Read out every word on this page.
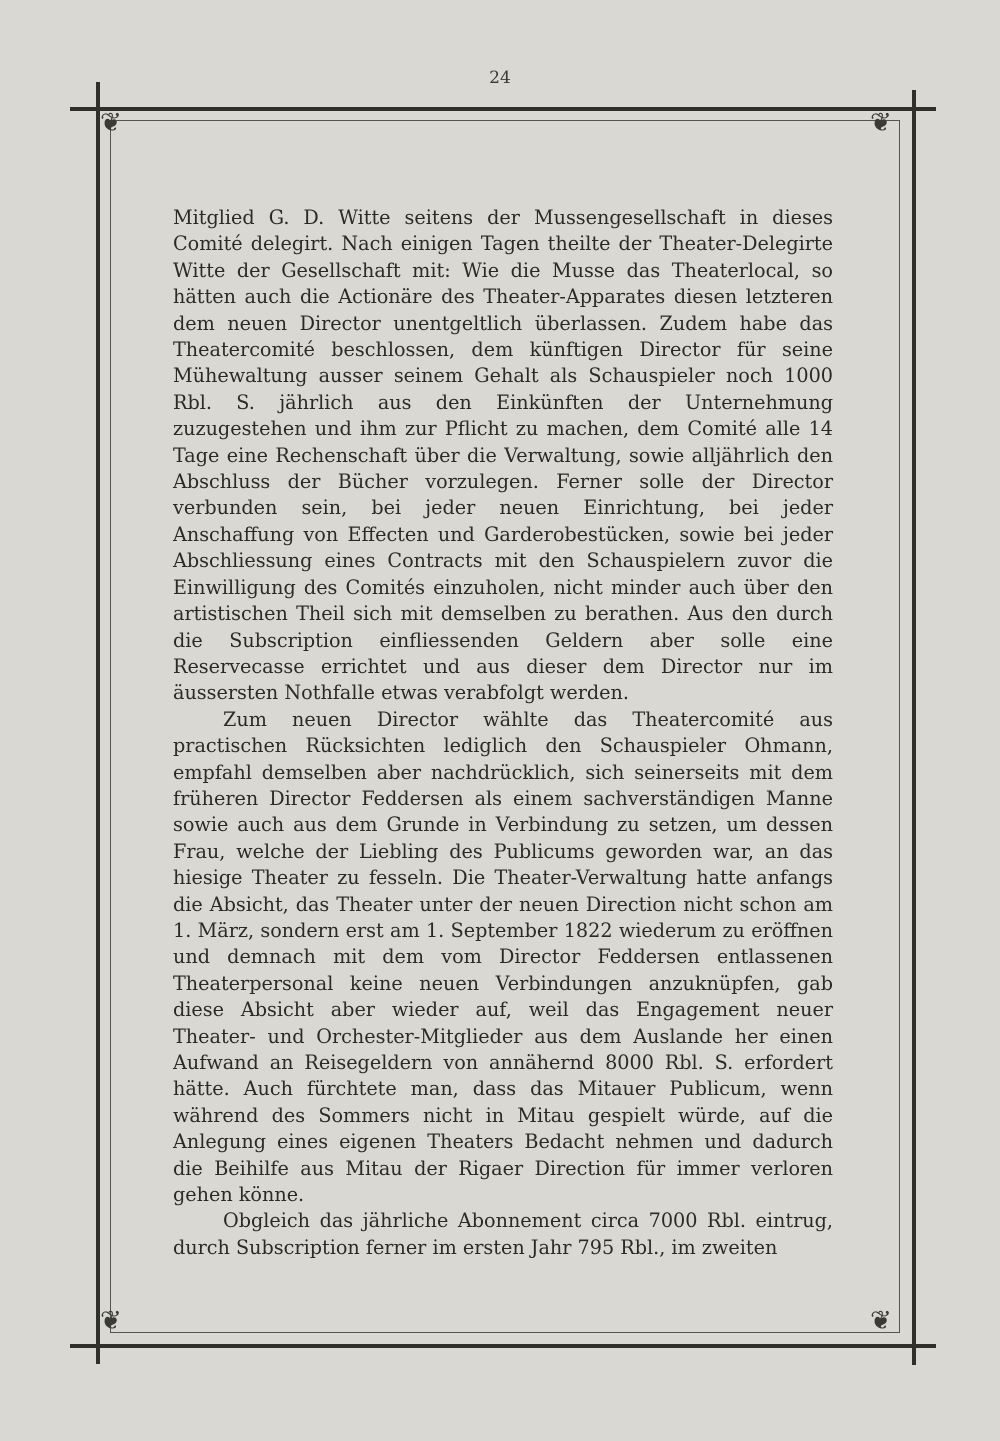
24
❦	❦
❦	❦

Mitglied G. D. Witte seitens der Mussengesellschaft in dieses Comité delegirt. Nach einigen Tagen theilte der Theater-Delegirte Witte der Gesellschaft mit: Wie die Musse das Theaterlocal, so hätten auch die Actionäre des Theater-Apparates diesen letzteren dem neuen Director unentgeltlich überlassen. Zudem habe das Theatercomité beschlossen, dem künftigen Director für seine Mühewaltung ausser seinem Gehalt als Schauspieler noch 1000 Rbl. S. jährlich aus den Einkünften der Unternehmung zuzugestehen und ihm zur Pflicht zu machen, dem Comité alle 14 Tage eine Rechenschaft über die Verwaltung, sowie alljährlich den Abschluss der Bücher vorzulegen. Ferner solle der Director verbunden sein, bei jeder neuen Einrichtung, bei jeder Anschaffung von Effecten und Garderobestücken, sowie bei jeder Abschliessung eines Contracts mit den Schauspielern zuvor die Einwilligung des Comités einzuholen, nicht minder auch über den artistischen Theil sich mit demselben zu berathen. Aus den durch die Subscription einfliessenden Geldern aber solle eine Reservecasse errichtet und aus dieser dem Director nur im äussersten Nothfalle etwas verabfolgt werden.

Zum neuen Director wählte das Theatercomité aus practischen Rücksichten lediglich den Schauspieler Ohmann, empfahl demselben aber nachdrücklich, sich seinerseits mit dem früheren Director Feddersen als einem sachverständigen Manne sowie auch aus dem Grunde in Verbindung zu setzen, um dessen Frau, welche der Liebling des Publicums geworden war, an das hiesige Theater zu fesseln. Die Theater-Verwaltung hatte anfangs die Absicht, das Theater unter der neuen Direction nicht schon am 1. März, sondern erst am 1. September 1822 wiederum zu eröffnen und demnach mit dem vom Director Feddersen entlassenen Theaterpersonal keine neuen Verbindungen anzuknüpfen, gab diese Absicht aber wieder auf, weil das Engagement neuer Theater- und Orchester-Mitglieder aus dem Auslande her einen Aufwand an Reisegeldern von annähernd 8000 Rbl. S. erfordert hätte. Auch fürchtete man, dass das Mitauer Publicum, wenn während des Sommers nicht in Mitau gespielt würde, auf die Anlegung eines eigenen Theaters Bedacht nehmen und dadurch die Beihilfe aus Mitau der Rigaer Direction für immer verloren gehen könne.

Obgleich das jährliche Abonnement circa 7000 Rbl. eintrug, durch Subscription ferner im ersten Jahr 795 Rbl., im zweiten
